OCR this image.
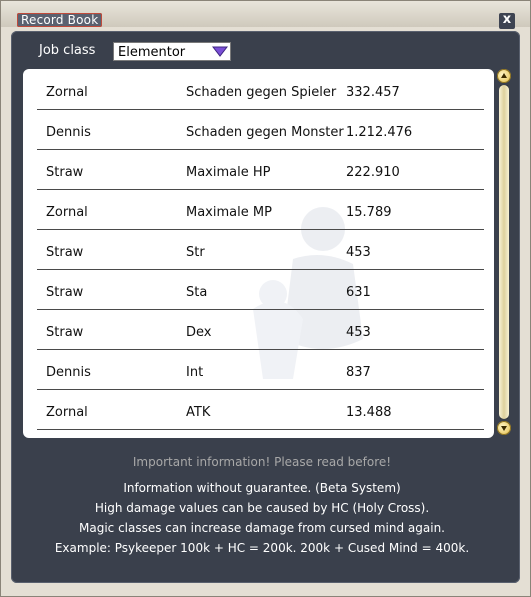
Record Book	x
Job class Elementor
Zornal	Schaden gegen Spieler 332.457
Dennis	Schaden gegen Monster 1.212.476
Straw	Maximale HP	222.910
Zornal	Maximale MP	15.789
Straw	Str	453
Straw	Sta	631
Straw	Dex	453
Dennis	Int	837
Zornal	ATK	13.488
Important information! Please read before!
Information without guarantee. (Beta System)
High damage values can be caused by HC (Holy Cross).
Magic classes can increase damage from cursed mind again.
Example: Psykeeper 100k + HC = 200k. 200k + Cused Mind = 400k.
